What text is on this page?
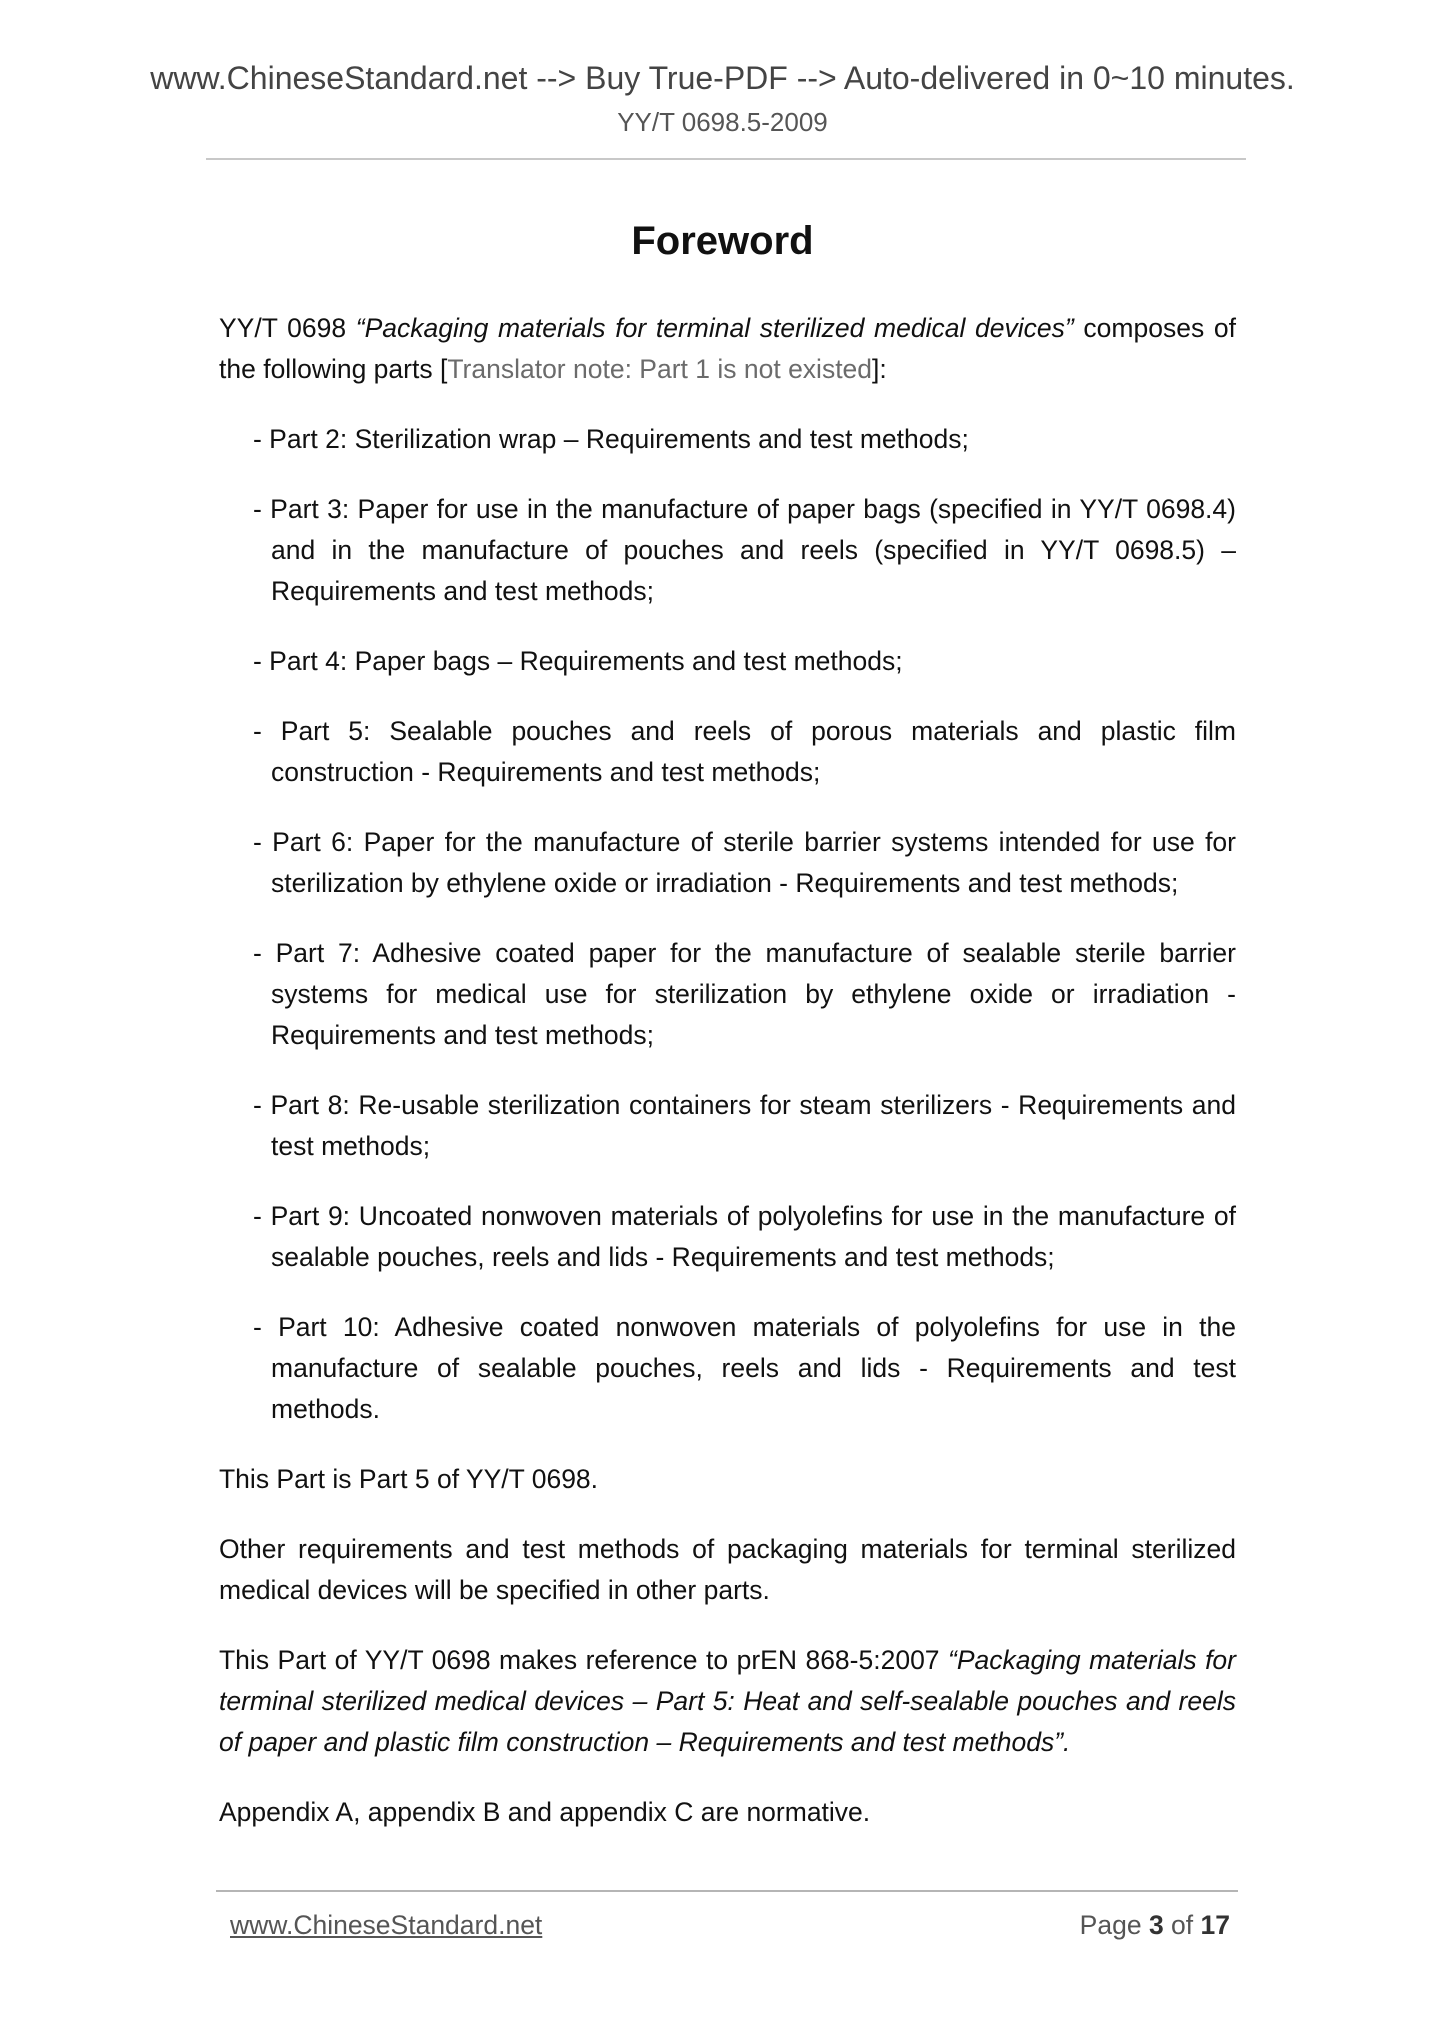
www.ChineseStandard.net --> Buy True-PDF --> Auto-delivered in 0~10 minutes.
YY/T 0698.5-2009
Foreword

YY/T 0698 “Packaging materials for terminal sterilized medical devices” composes of the following parts [Translator note: Part 1 is not existed]:

- Part 2: Sterilization wrap – Requirements and test methods;
- Part 3: Paper for use in the manufacture of paper bags (specified in YY/T 0698.4) and in the manufacture of pouches and reels (specified in YY/T 0698.5) – Requirements and test methods;
- Part 4: Paper bags – Requirements and test methods;
- Part 5: Sealable pouches and reels of porous materials and plastic film construction - Requirements and test methods;
- Part 6: Paper for the manufacture of sterile barrier systems intended for use for sterilization by ethylene oxide or irradiation - Requirements and test methods;
- Part 7: Adhesive coated paper for the manufacture of sealable sterile barrier systems for medical use for sterilization by ethylene oxide or irradiation - Requirements and test methods;
- Part 8: Re-usable sterilization containers for steam sterilizers - Requirements and test methods;
- Part 9: Uncoated nonwoven materials of polyolefins for use in the manufacture of sealable pouches, reels and lids - Requirements and test methods;
- Part 10: Adhesive coated nonwoven materials of polyolefins for use in the manufacture of sealable pouches, reels and lids - Requirements and test methods.

This Part is Part 5 of YY/T 0698.

Other requirements and test methods of packaging materials for terminal sterilized medical devices will be specified in other parts.

This Part of YY/T 0698 makes reference to prEN 868-5:2007 “Packaging materials for terminal sterilized medical devices – Part 5: Heat and self-sealable pouches and reels of paper and plastic film construction – Requirements and test methods”.

Appendix A, appendix B and appendix C are normative.

www.ChineseStandard.net	Page 3 of 17
